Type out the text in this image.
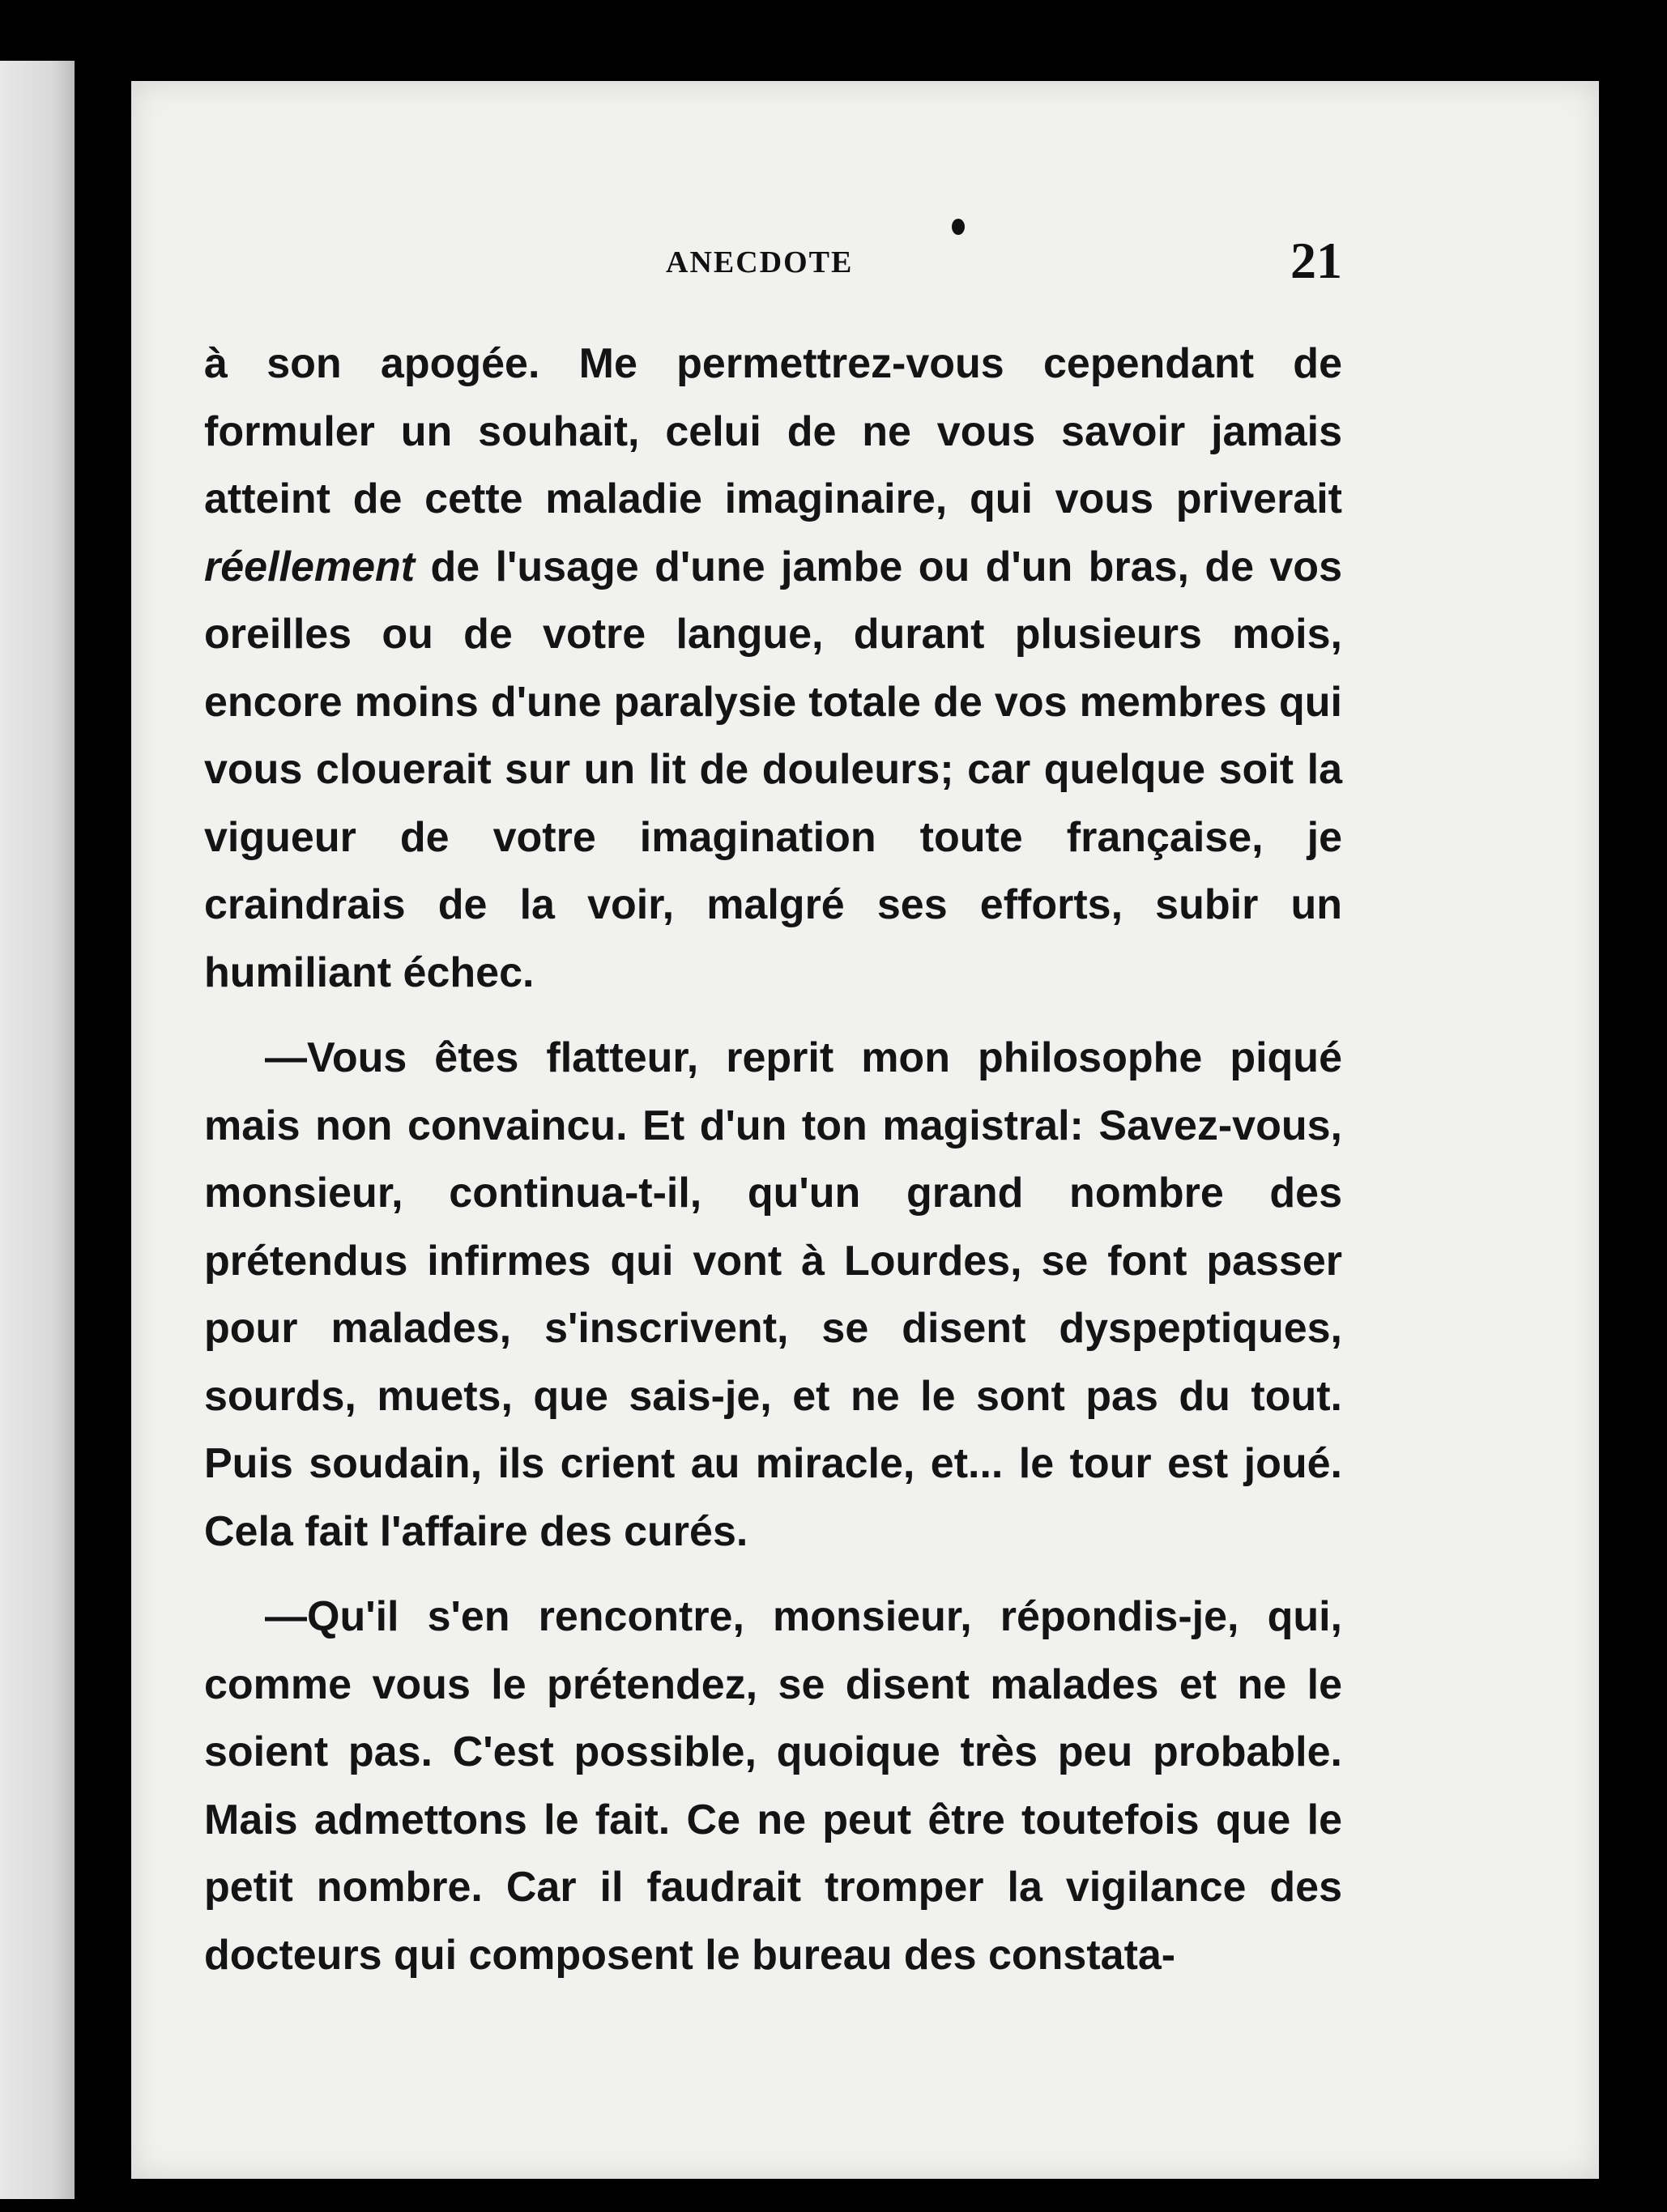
ANECDOTE	21

à son apogée. Me permettrez-vous cependant de formuler un souhait, celui de ne vous savoir jamais atteint de cette maladie imaginaire, qui vous priverait réellement de l'usage d'une jambe ou d'un bras, de vos oreilles ou de votre langue, durant plusieurs mois, encore moins d'une paralysie totale de vos membres qui vous clouerait sur un lit de douleurs; car quelque soit la vigueur de votre imagination toute française, je craindrais de la voir, malgré ses efforts, subir un humiliant échec.

—Vous êtes flatteur, reprit mon philosophe piqué mais non convaincu. Et d'un ton magistral: Savez-vous, monsieur, continua-t-il, qu'un grand nombre des prétendus infirmes qui vont à Lourdes, se font passer pour malades, s'inscrivent, se disent dyspeptiques, sourds, muets, que sais-je, et ne le sont pas du tout. Puis soudain, ils crient au miracle, et... le tour est joué. Cela fait l'affaire des curés.

—Qu'il s'en rencontre, monsieur, répondis-je, qui, comme vous le prétendez, se disent malades et ne le soient pas. C'est possible, quoique très peu probable. Mais admettons le fait. Ce ne peut être toutefois que le petit nombre. Car il faudrait tromper la vigilance des docteurs qui composent le bureau des constata-
